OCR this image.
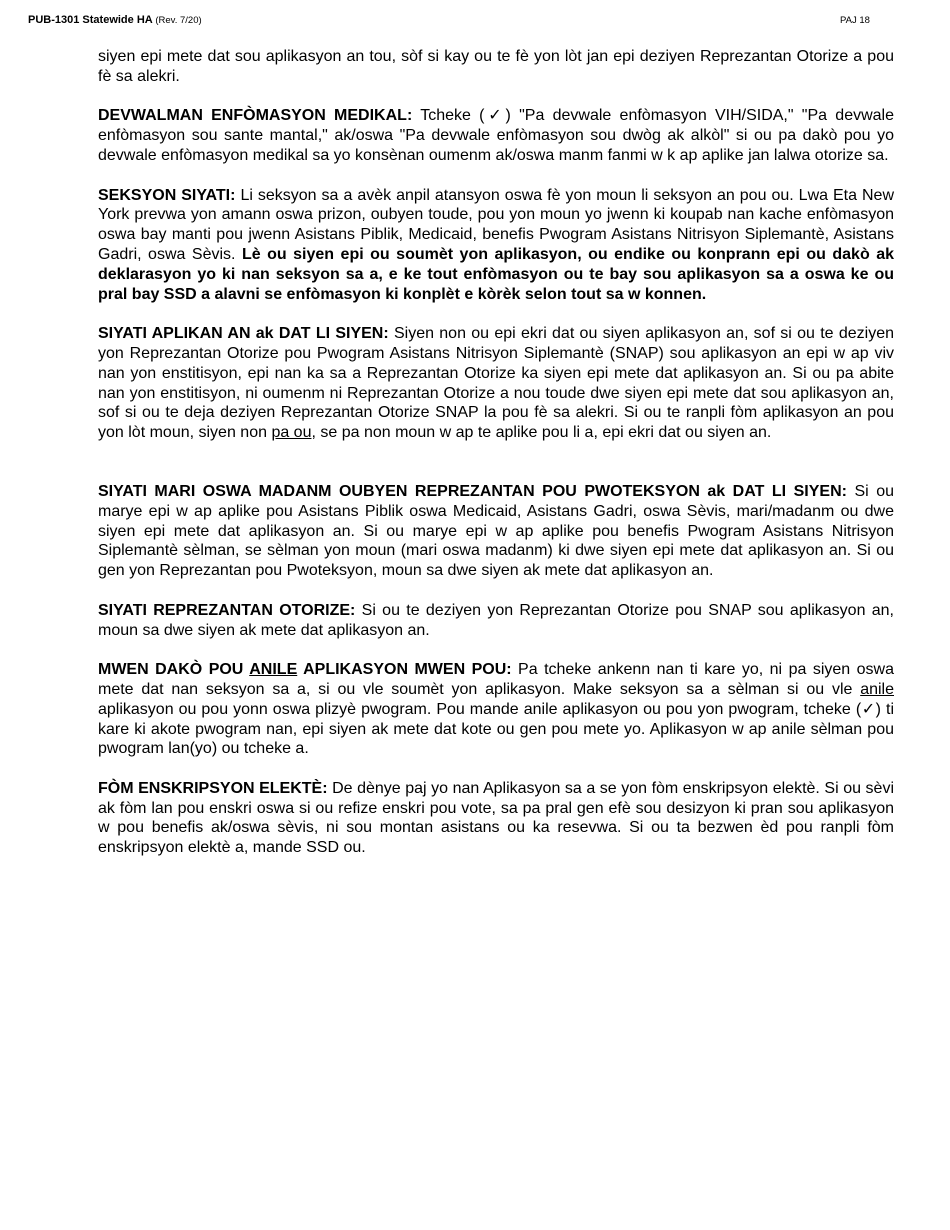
PUB-1301 Statewide HA (Rev. 7/20)	PAJ 18

siyen epi mete dat sou aplikasyon an tou, sòf si kay ou te fè yon lòt jan epi deziyen Reprezantan Otorize a pou fè sa alekri.

DEVWALMAN ENFÒMASYON MEDIKAL: Tcheke (✓) "Pa devwale enfòmasyon VIH/SIDA," "Pa devwale enfòmasyon sou sante mantal," ak/oswa "Pa devwale enfòmasyon sou dwòg ak alkòl" si ou pa dakò pou yo devwale enfòmasyon medikal sa yo konsènan oumenm ak/oswa manm fanmi w k ap aplike jan lalwa otorize sa.

SEKSYON SIYATI: Li seksyon sa a avèk anpil atansyon oswa fè yon moun li seksyon an pou ou. Lwa Eta New York prevwa yon amann oswa prizon, oubyen toude, pou yon moun yo jwenn ki koupab nan kache enfòmasyon oswa bay manti pou jwenn Asistans Piblik, Medicaid, benefis Pwogram Asistans Nitrisyon Siplemantè, Asistans Gadri, oswa Sèvis. Lè ou siyen epi ou soumèt yon aplikasyon, ou endike ou konprann epi ou dakò ak deklarasyon yo ki nan seksyon sa a, e ke tout enfòmasyon ou te bay sou aplikasyon sa a oswa ke ou pral bay SSD a alavni se enfòmasyon ki konplèt e kòrèk selon tout sa w konnen.

SIYATI APLIKAN AN ak DAT LI SIYEN: Siyen non ou epi ekri dat ou siyen aplikasyon an, sof si ou te deziyen yon Reprezantan Otorize pou Pwogram Asistans Nitrisyon Siplemantè (SNAP) sou aplikasyon an epi w ap viv nan yon enstitisyon, epi nan ka sa a Reprezantan Otorize ka siyen epi mete dat aplikasyon an. Si ou pa abite nan yon enstitisyon, ni oumenm ni Reprezantan Otorize a nou toude dwe siyen epi mete dat sou aplikasyon an, sof si ou te deja deziyen Reprezantan Otorize SNAP la pou fè sa alekri. Si ou te ranpli fòm aplikasyon an pou yon lòt moun, siyen non pa ou, se pa non moun w ap te aplike pou li a, epi ekri dat ou siyen an.

SIYATI MARI OSWA MADANM OUBYEN REPREZANTAN POU PWOTEKSYON ak DAT LI SIYEN: Si ou marye epi w ap aplike pou Asistans Piblik oswa Medicaid, Asistans Gadri, oswa Sèvis, mari/madanm ou dwe siyen epi mete dat aplikasyon an. Si ou marye epi w ap aplike pou benefis Pwogram Asistans Nitrisyon Siplemantè sèlman, se sèlman yon moun (mari oswa madanm) ki dwe siyen epi mete dat aplikasyon an. Si ou gen yon Reprezantan pou Pwoteksyon, moun sa dwe siyen ak mete dat aplikasyon an.

SIYATI REPREZANTAN OTORIZE: Si ou te deziyen yon Reprezantan Otorize pou SNAP sou aplikasyon an, moun sa dwe siyen ak mete dat aplikasyon an.

MWEN DAKÒ POU ANILE APLIKASYON MWEN POU: Pa tcheke ankenn nan ti kare yo, ni pa siyen oswa mete dat nan seksyon sa a, si ou vle soumèt yon aplikasyon. Make seksyon sa a sèlman si ou vle anile aplikasyon ou pou yonn oswa plizyè pwogram. Pou mande anile aplikasyon ou pou yon pwogram, tcheke (✓) ti kare ki akote pwogram nan, epi siyen ak mete dat kote ou gen pou mete yo. Aplikasyon w ap anile sèlman pou pwogram lan(yo) ou tcheke a.

FÒM ENSKRIPSYON ELEKTÈ: De dènye paj yo nan Aplikasyon sa a se yon fòm enskripsyon elektè. Si ou sèvi ak fòm lan pou enskri oswa si ou refize enskri pou vote, sa pa pral gen efè sou desizyon ki pran sou aplikasyon w pou benefis ak/oswa sèvis, ni sou montan asistans ou ka resevwa. Si ou ta bezwen èd pou ranpli fòm enskripsyon elektè a, mande SSD ou.
